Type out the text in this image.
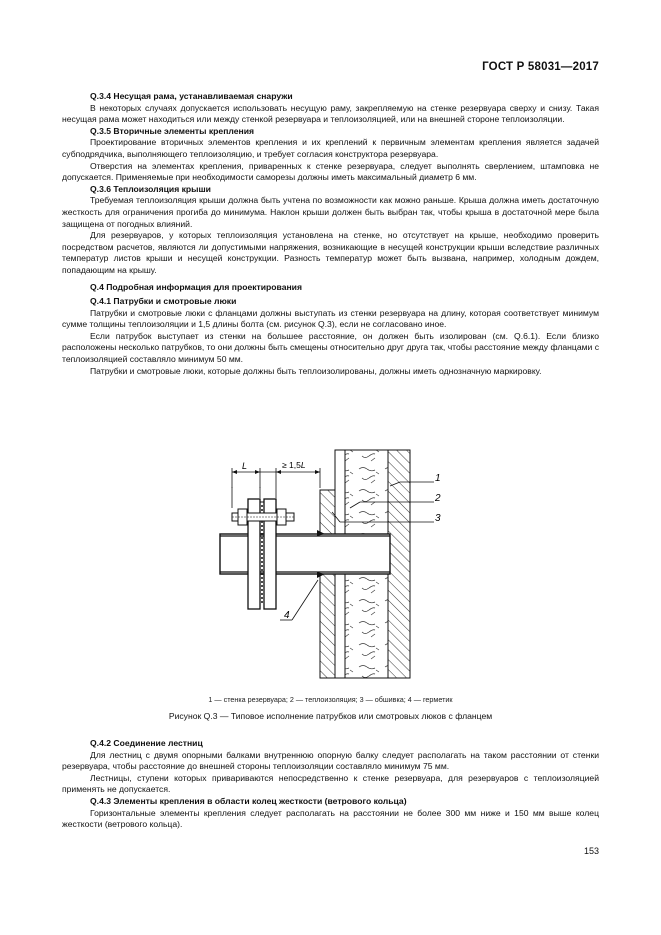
ГОСТ Р 58031—2017
Q.3.4 Несущая рама, устанавливаемая снаружи

В некоторых случаях допускается использовать несущую раму, закрепляемую на стенке резервуара сверху и снизу. Такая несущая рама может находиться или между стенкой резервуара и теплоизоляцией, или на внешней стороне теплоизоляции.

Q.3.5 Вторичные элементы крепления

Проектирование вторичных элементов крепления и их креплений к первичным элементам крепления является задачей субподрядчика, выполняющего теплоизоляцию, и требует согласия конструктора резервуара.

Отверстия на элементах крепления, приваренных к стенке резервуара, следует выполнять сверлением, штамповка не допускается. Применяемые при необходимости саморезы должны иметь максимальный диаметр 6 мм.

Q.3.6 Теплоизоляция крыши

Требуемая теплоизоляция крыши должна быть учтена по возможности как можно раньше. Крыша должна иметь достаточную жесткость для ограничения прогиба до минимума. Наклон крыши должен быть выбран так, чтобы крыша в достаточной мере была защищена от погодных влияний.

Для резервуаров, у которых теплоизоляция установлена на стенке, но отсутствует на крыше, необходимо проверить посредством расчетов, являются ли допустимыми напряжения, возникающие в несущей конструкции крыши вследствие различных температур листов крыши и несущей конструкции. Разность температур может быть вызвана, например, холодным дождем, попадающим на крышу.

Q.4 Подробная информация для проектирования
Q.4.1 Патрубки и смотровые люки

Патрубки и смотровые люки с фланцами должны выступать из стенки резервуара на длину, которая соответствует минимум сумме толщины теплоизоляции и 1,5 длины болта (см. рисунок Q.3), если не согласовано иное.

Если патрубок выступает из стенки на большее расстояние, он должен быть изолирован (см. Q.6.1). Если близко расположены несколько патрубков, то они должны быть смещены относительно друг друга так, чтобы расстояние между фланцами с теплоизоляцией составляло минимум 50 мм.

Патрубки и смотровые люки, которые должны быть теплоизолированы, должны иметь однозначную маркировку.

L	≥ 1,5L
1
2
3
4
1 — стенка резервуара; 2 — теплоизоляция; 3 — обшивка; 4 — герметик
Рисунок Q.3 — Типовое исполнение патрубков или смотровых люков с фланцем
Q.4.2 Соединение лестниц

Для лестниц с двумя опорными балками внутреннюю опорную балку следует располагать на таком расстоянии от стенки резервуара, чтобы расстояние до внешней стороны теплоизоляции составляло минимум 75 мм.

Лестницы, ступени которых привариваются непосредственно к стенке резервуара, для резервуаров с теплоизоляцией применять не допускается.

Q.4.3 Элементы крепления в области колец жесткости (ветрового кольца)

Горизонтальные элементы крепления следует располагать на расстоянии не более 300 мм ниже и 150 мм выше колец жесткости (ветрового кольца).

153
